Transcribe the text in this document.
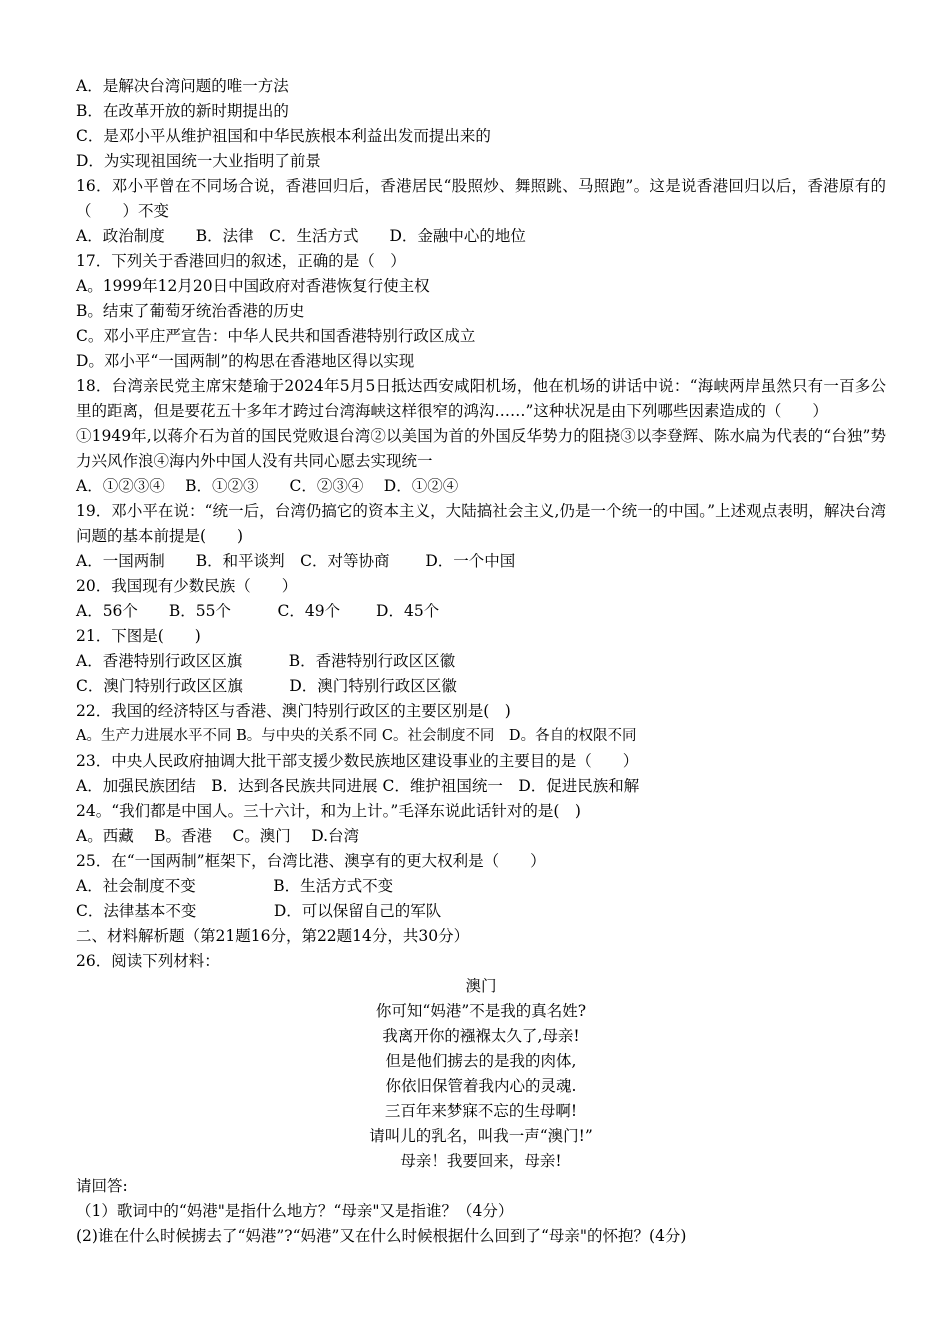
A．是解决台湾问题的唯一方法
B．在改革开放的新时期提出的
C．是邓小平从维护祖国和中华民族根本利益出发而提出来的
D．为实现祖国统一大业指明了前景
16．邓小平曾在不同场合说，香港回归后，香港居民“股照炒、舞照跳、马照跑”。这是说香港回归以后，香港原有的（　　）不变
A．政治制度　　B．法律　C．生活方式　　D．金融中心的地位
17．下列关于香港回归的叙述，正确的是（　）
A。1999年12月20日中国政府对香港恢复行使主权
B。结束了葡萄牙统治香港的历史
C。邓小平庄严宣告：中华人民共和国香港特别行政区成立
D。邓小平“一国两制”的构思在香港地区得以实现
18．台湾亲民党主席宋楚瑜于2024年5月5日抵达西安咸阳机场，他在机场的讲话中说：“海峡两岸虽然只有一百多公里的距离，但是要花五十多年才跨过台湾海峡这样很窄的鸿沟……”这种状况是由下列哪些因素造成的（　　）
①1949年,以蒋介石为首的国民党败退台湾②以美国为首的外国反华势力的阻挠③以李登辉、陈水扁为代表的“台独”势力兴风作浪④海内外中国人没有共同心愿去实现统一
A．①②③④　 B．①②③　　C．②③④　 D．①②④
19．邓小平在说：“统一后，台湾仍搞它的资本主义，大陆搞社会主义,仍是一个统一的中国。”上述观点表明，解决台湾问题的基本前提是(　　)
A．一国两制　　B．和平谈判　C．对等协商　　 D．一个中国
20．我国现有少数民族（　　）
A．56个　　B．55个　　　C．49个　　 D．45个
21．下图是(　　)
A．香港特别行政区区旗　　　B．香港特别行政区区徽
C．澳门特别行政区区旗　　　D．澳门特别行政区区徽
22．我国的经济特区与香港、澳门特别行政区的主要区别是(　)
A。生产力进展水平不同 B。与中央的关系不同 C。社会制度不同　D。各自的权限不同
23．中央人民政府抽调大批干部支援少数民族地区建设事业的主要目的是（　　）
A．加强民族团结　B．达到各民族共同进展 C．维护祖国统一　D．促进民族和解
24。“我们都是中国人。三十六计，和为上计。”毛泽东说此话针对的是(　)
A。西藏　 B。香港　 C。澳门　 D.台湾
25．在“一国两制”框架下，台湾比港、澳享有的更大权利是（　　）
A．社会制度不变　　　　　B．生活方式不变
C．法律基本不变　　　　　D．可以保留自己的军队
二、材料解析题（第21题16分，第22题14分，共30分）
26．阅读下列材料：
澳门
你可知“妈港”不是我的真名姓?
我离开你的襁褓太久了,母亲!
但是他们掳去的是我的肉体,
你依旧保管着我内心的灵魂.
三百年来梦寐不忘的生母啊!
请叫儿的乳名，叫我一声“澳门!”
母亲！我要回来，母亲!
请回答:
（1）歌词中的“妈港"是指什么地方？“母亲"又是指谁？（4分）
(2)谁在什么时候掳去了“妈港”?“妈港”又在什么时候根据什么回到了“母亲"的怀抱？(4分)
